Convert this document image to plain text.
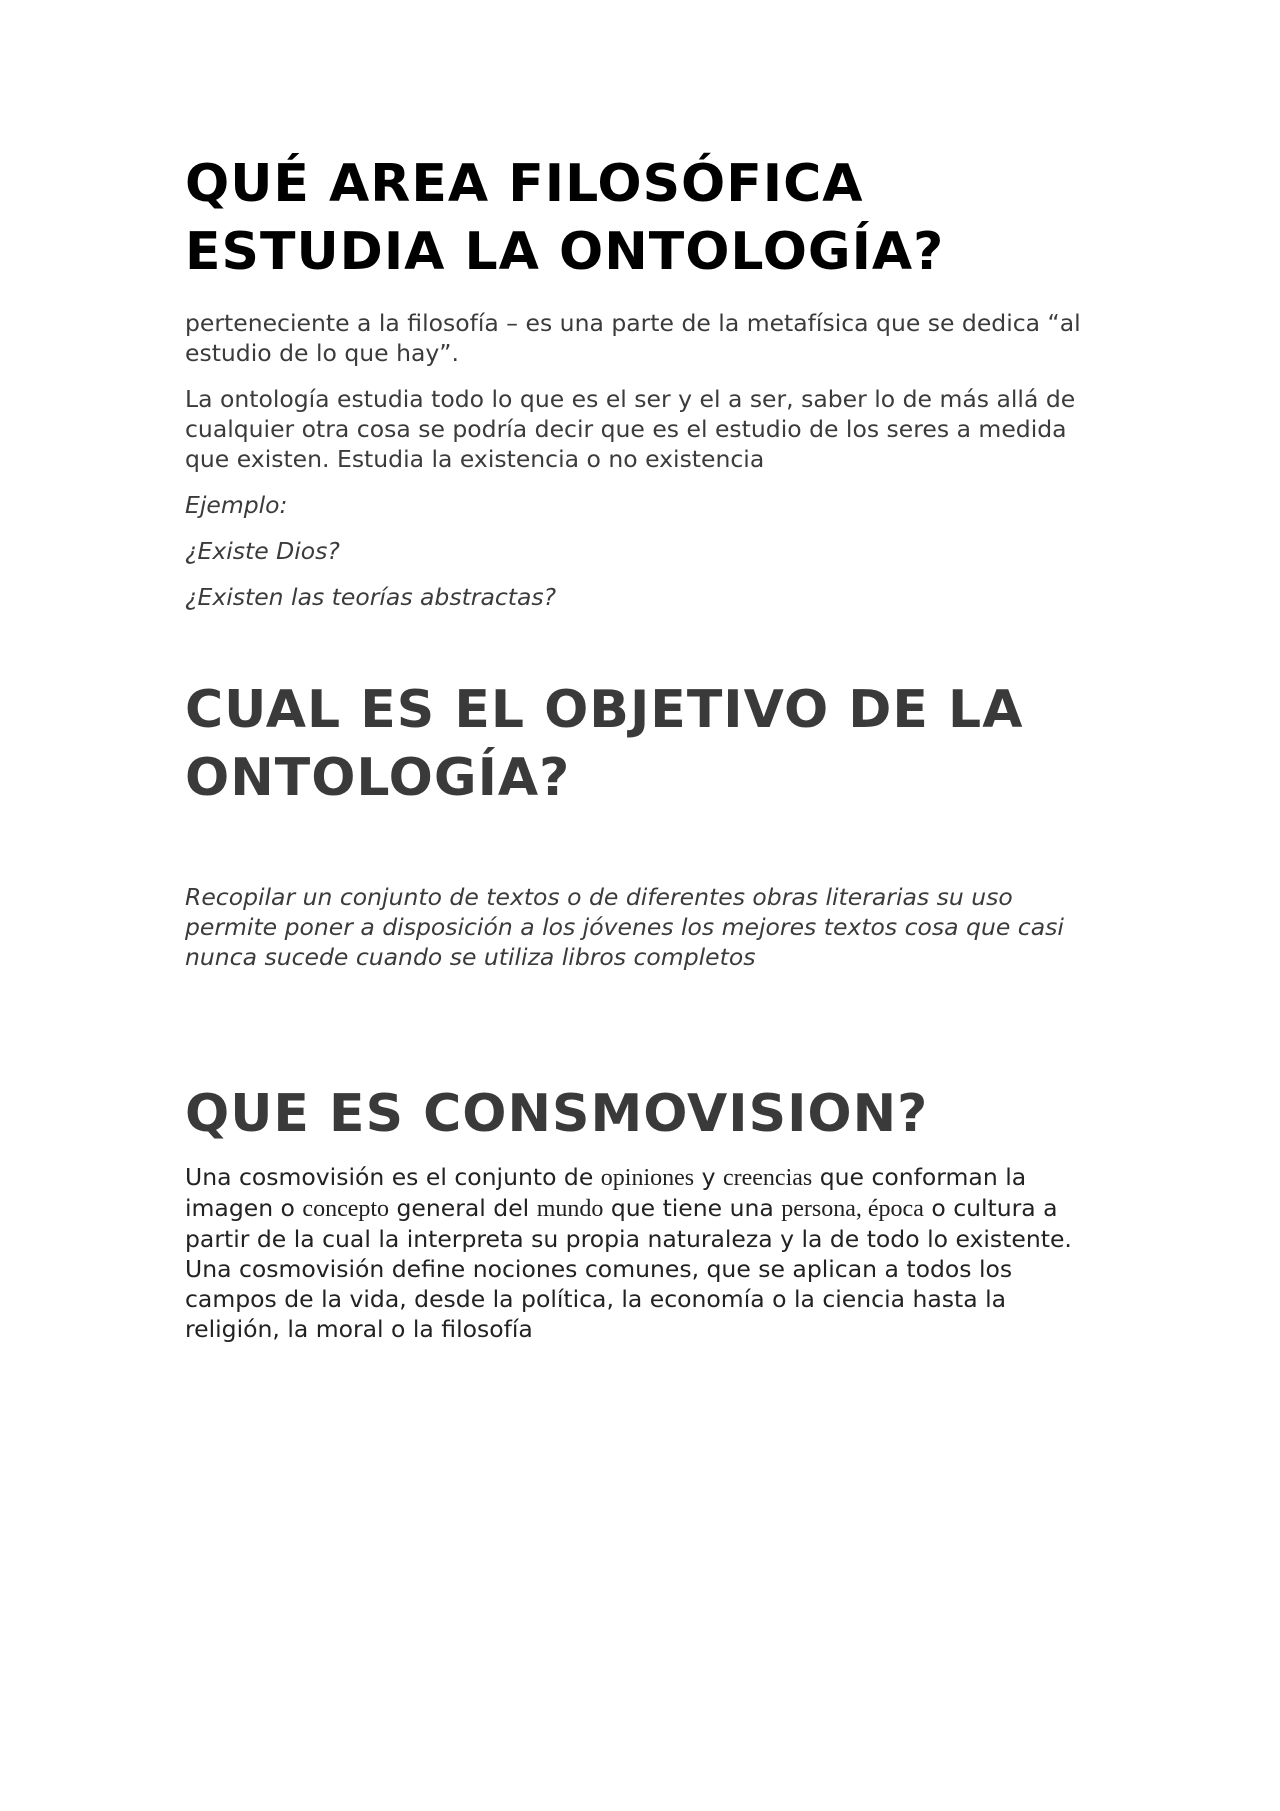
QUÉ AREA FILOSÓFICA ESTUDIA LA ONTOLOGÍA?

perteneciente a la filosofía – es una parte de la metafísica que se dedica “al estudio de lo que hay”.

La ontología estudia todo lo que es el ser y el a ser, saber lo de más allá de cualquier otra cosa se podría decir que es el estudio de los seres a medida que existen. Estudia la existencia o no existencia

Ejemplo:

¿Existe Dios?

¿Existen las teorías abstractas?

CUAL ES EL OBJETIVO DE LA ONTOLOGÍA?

Recopilar un conjunto de textos o de diferentes obras literarias su uso permite poner a disposición a los jóvenes los mejores textos cosa que casi nunca sucede cuando se utiliza libros completos

QUE ES CONSMOVISION?

Una cosmovisión es el conjunto de opiniones y creencias que conforman la imagen o concepto general del mundo que tiene una persona, época o cultura a partir de la cual la interpreta su propia naturaleza y la de todo lo existente. Una cosmovisión define nociones comunes, que se aplican a todos los campos de la vida, desde la política, la economía o la ciencia hasta la religión, la moral o la filosofía
